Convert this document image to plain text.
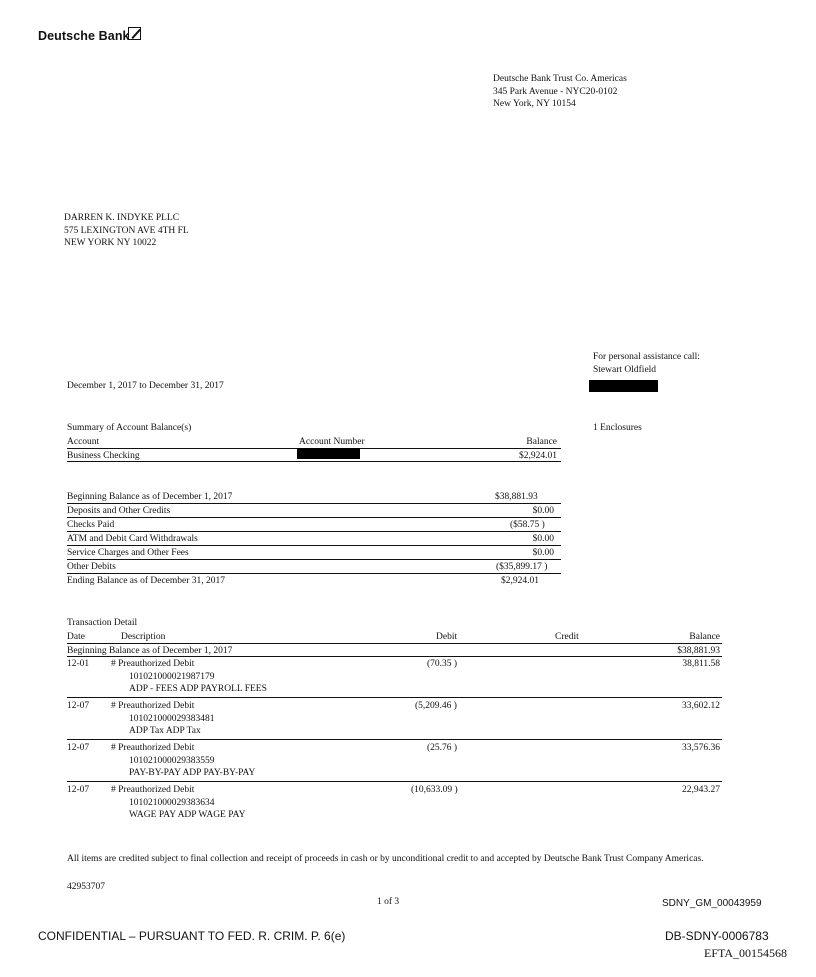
Deutsche Bank
Deutsche Bank Trust Co. Americas
345 Park Avenue - NYC20-0102
New York, NY 10154
DARREN K. INDYKE PLLC
575 LEXINGTON AVE 4TH FL
NEW YORK NY 10022
For personal assistance call:
Stewart Oldfield
December 1, 2017 to December 31, 2017
Summary of Account Balance(s)	1 Enclosures
Account	Account Number	Balance
Business Checking	$2,924.01
Beginning Balance as of December 1, 2017	$38,881.93
Deposits and Other Credits	$0.00
Checks Paid	($58.75 )
ATM and Debit Card Withdrawals	$0.00
Service Charges and Other Fees	$0.00
Other Debits	($35,899.17 )
Ending Balance as of December 31, 2017	$2,924.01
Transaction Detail
Date	Description	Debit	Credit	Balance
Beginning Balance as of December 1, 2017	$38,881.93
12-01 # Preauthorized Debit
101021000021987179
ADP - FEES ADP PAYROLL FEES
(70.35 )	38,811.58
12-07 # Preauthorized Debit
101021000029383481
ADP Tax ADP Tax
(5,209.46 )	33,602.12
12-07 # Preauthorized Debit
101021000029383559
PAY-BY-PAY ADP PAY-BY-PAY
(25.76 )	33,576.36
12-07 # Preauthorized Debit
101021000029383634
WAGE PAY ADP WAGE PAY
(10,633.09 )	22,943.27
All items are credited subject to final collection and receipt of proceeds in cash or by unconditional credit to and accepted by Deutsche Bank Trust Company Americas.
42953707
1 of 3	SDNY_GM_00043959
CONFIDENTIAL – PURSUANT TO FED. R. CRIM. P. 6(e)	DB-SDNY-0006783
EFTA_00154568
